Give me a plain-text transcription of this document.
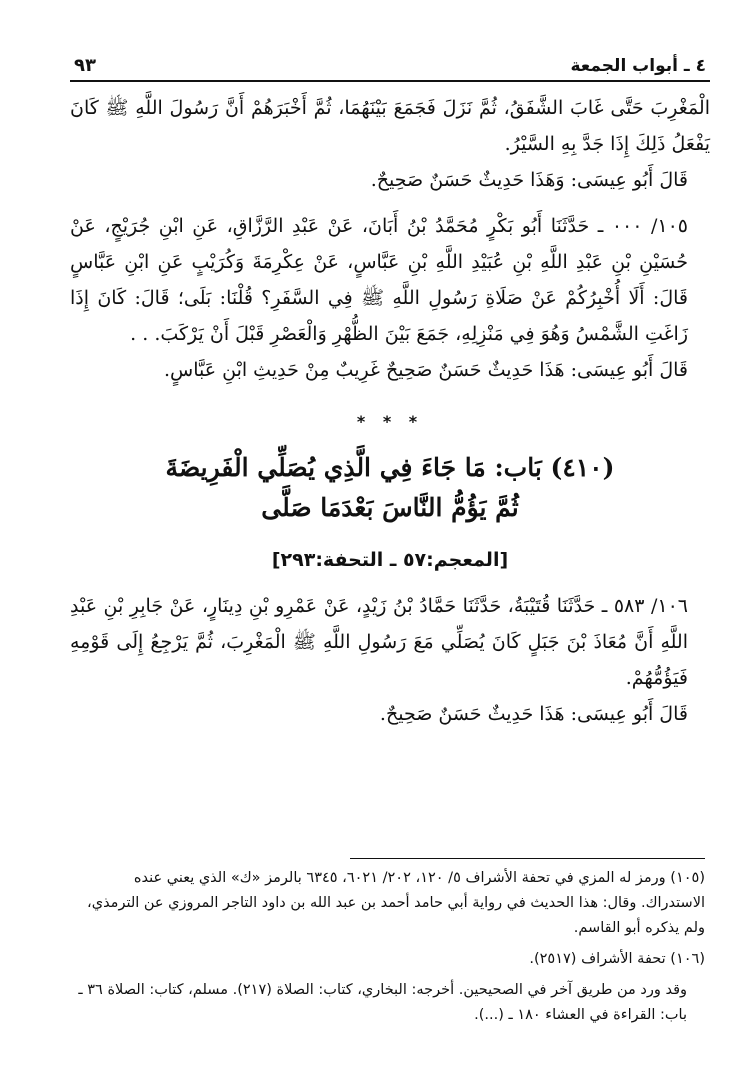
٤ ـ أبواب الجمعة
٩٣

الْمَغْرِبَ حَتَّى غَابَ الشَّفَقُ، ثُمَّ نَزَلَ فَجَمَعَ بَيْنَهُمَا، ثُمَّ أَخْبَرَهُمْ أَنَّ رَسُولَ اللَّهِ ﷺ كَانَ يَفْعَلُ ذَلِكَ إِذَا جَدَّ بِهِ السَّيْرُ.

قَالَ أَبُو عِيسَى: وَهَذَا حَدِيثٌ حَسَنٌ صَحِيحٌ.

١٠٥/ ٠٠٠ ـ حَدَّثَنَا أَبُو بَكْرٍ مُحَمَّدُ بْنُ أَبَانَ، عَنْ عَبْدِ الرَّزَّاقِ، عَنِ ابْنِ جُرَيْجٍ، عَنْ حُسَيْنِ بْنِ عَبْدِ اللَّهِ بْنِ عُبَيْدِ اللَّهِ بْنِ عَبَّاسٍ، عَنْ عِكْرِمَةَ وَكُرَيْبٍ عَنِ ابْنِ عَبَّاسٍ قَالَ: أَلَا أُخْبِرُكُمْ عَنْ صَلَاةِ رَسُولِ اللَّهِ ﷺ فِي السَّفَرِ؟ قُلْنَا: بَلَى؛ قَالَ: كَانَ إِذَا زَاغَتِ الشَّمْسُ وَهُوَ فِي مَنْزِلِهِ، جَمَعَ بَيْنَ الظُّهْرِ وَالْعَصْرِ قَبْلَ أَنْ يَرْكَبَ. . .

قَالَ أَبُو عِيسَى: هَذَا حَدِيثٌ حَسَنٌ صَحِيحٌ غَرِيبٌ مِنْ حَدِيثِ ابْنِ عَبَّاسٍ.

* * *

(٤١٠) بَاب: مَا جَاءَ فِي الَّذِي يُصَلِّي الْفَرِيضَةَ

ثُمَّ يَؤُمُّ النَّاسَ بَعْدَمَا صَلَّى

[المعجم:٥٧ ـ التحفة:٢٩٣]

١٠٦/ ٥٨٣ ـ حَدَّثَنَا قُتَيْبَةُ، حَدَّثَنَا حَمَّادُ بْنُ زَيْدٍ، عَنْ عَمْرِو بْنِ دِينَارٍ، عَنْ جَابِرِ بْنِ عَبْدِ اللَّهِ أَنَّ مُعَاذَ بْنَ جَبَلٍ كَانَ يُصَلِّي مَعَ رَسُولِ اللَّهِ ﷺ الْمَغْرِبَ، ثُمَّ يَرْجِعُ إِلَى قَوْمِهِ فَيَؤُمُّهُمْ.

قَالَ أَبُو عِيسَى: هَذَا حَدِيثٌ حَسَنٌ صَحِيحٌ.

(١٠٥) ورمز له المزي في تحفة الأشراف ٥/ ١٢٠، ٢٠٢/ ٦٠٢١، ٦٣٤٥ بالرمز «ك» الذي يعني عنده الاستدراك. وقال: هذا الحديث في رواية أبي حامد أحمد بن عبد الله بن داود التاجر المروزي عن الترمذي، ولم يذكره أبو القاسم.

(١٠٦) تحفة الأشراف (٢٥١٧).

وقد ورد من طريق آخر في الصحيحين. أخرجه: البخاري، كتاب: الصلاة (٢١٧). مسلم، كتاب: الصلاة ٣٦ ـ باب: القراءة في العشاء ١٨٠ ـ (...).
